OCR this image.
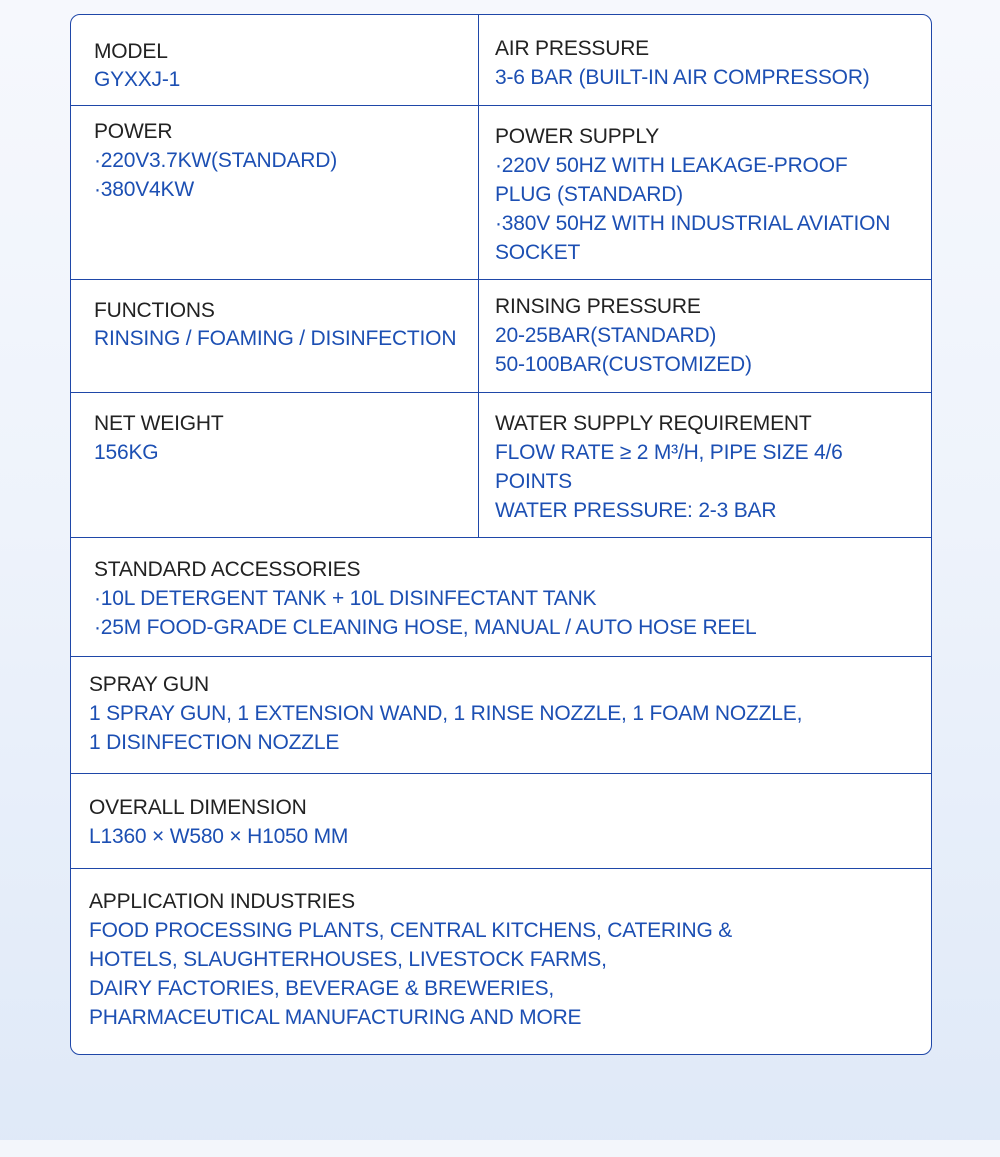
MODEL
GYXXJ-1
AIR PRESSURE
3-6 BAR (BUILT-IN AIR COMPRESSOR)
POWER
·220V3.7KW(STANDARD)
·380V4KW
POWER SUPPLY
·220V 50HZ WITH LEAKAGE-PROOF
PLUG (STANDARD)
·380V 50HZ WITH INDUSTRIAL AVIATION
SOCKET
FUNCTIONS
RINSING / FOAMING / DISINFECTION
RINSING PRESSURE
20-25BAR(STANDARD)
50-100BAR(CUSTOMIZED)
NET WEIGHT
156KG
WATER SUPPLY REQUIREMENT
FLOW RATE ≥ 2 M³/H, PIPE SIZE 4/6
POINTS
WATER PRESSURE: 2-3 BAR
STANDARD ACCESSORIES
·10L DETERGENT TANK + 10L DISINFECTANT TANK
·25M FOOD-GRADE CLEANING HOSE, MANUAL / AUTO HOSE REEL
SPRAY GUN
1 SPRAY GUN, 1 EXTENSION WAND, 1 RINSE NOZZLE, 1 FOAM NOZZLE,
1 DISINFECTION NOZZLE
OVERALL DIMENSION
L1360 × W580 × H1050 MM
APPLICATION INDUSTRIES
FOOD PROCESSING PLANTS, CENTRAL KITCHENS, CATERING &
HOTELS, SLAUGHTERHOUSES, LIVESTOCK FARMS,
DAIRY FACTORIES, BEVERAGE & BREWERIES,
PHARMACEUTICAL MANUFACTURING AND MORE
